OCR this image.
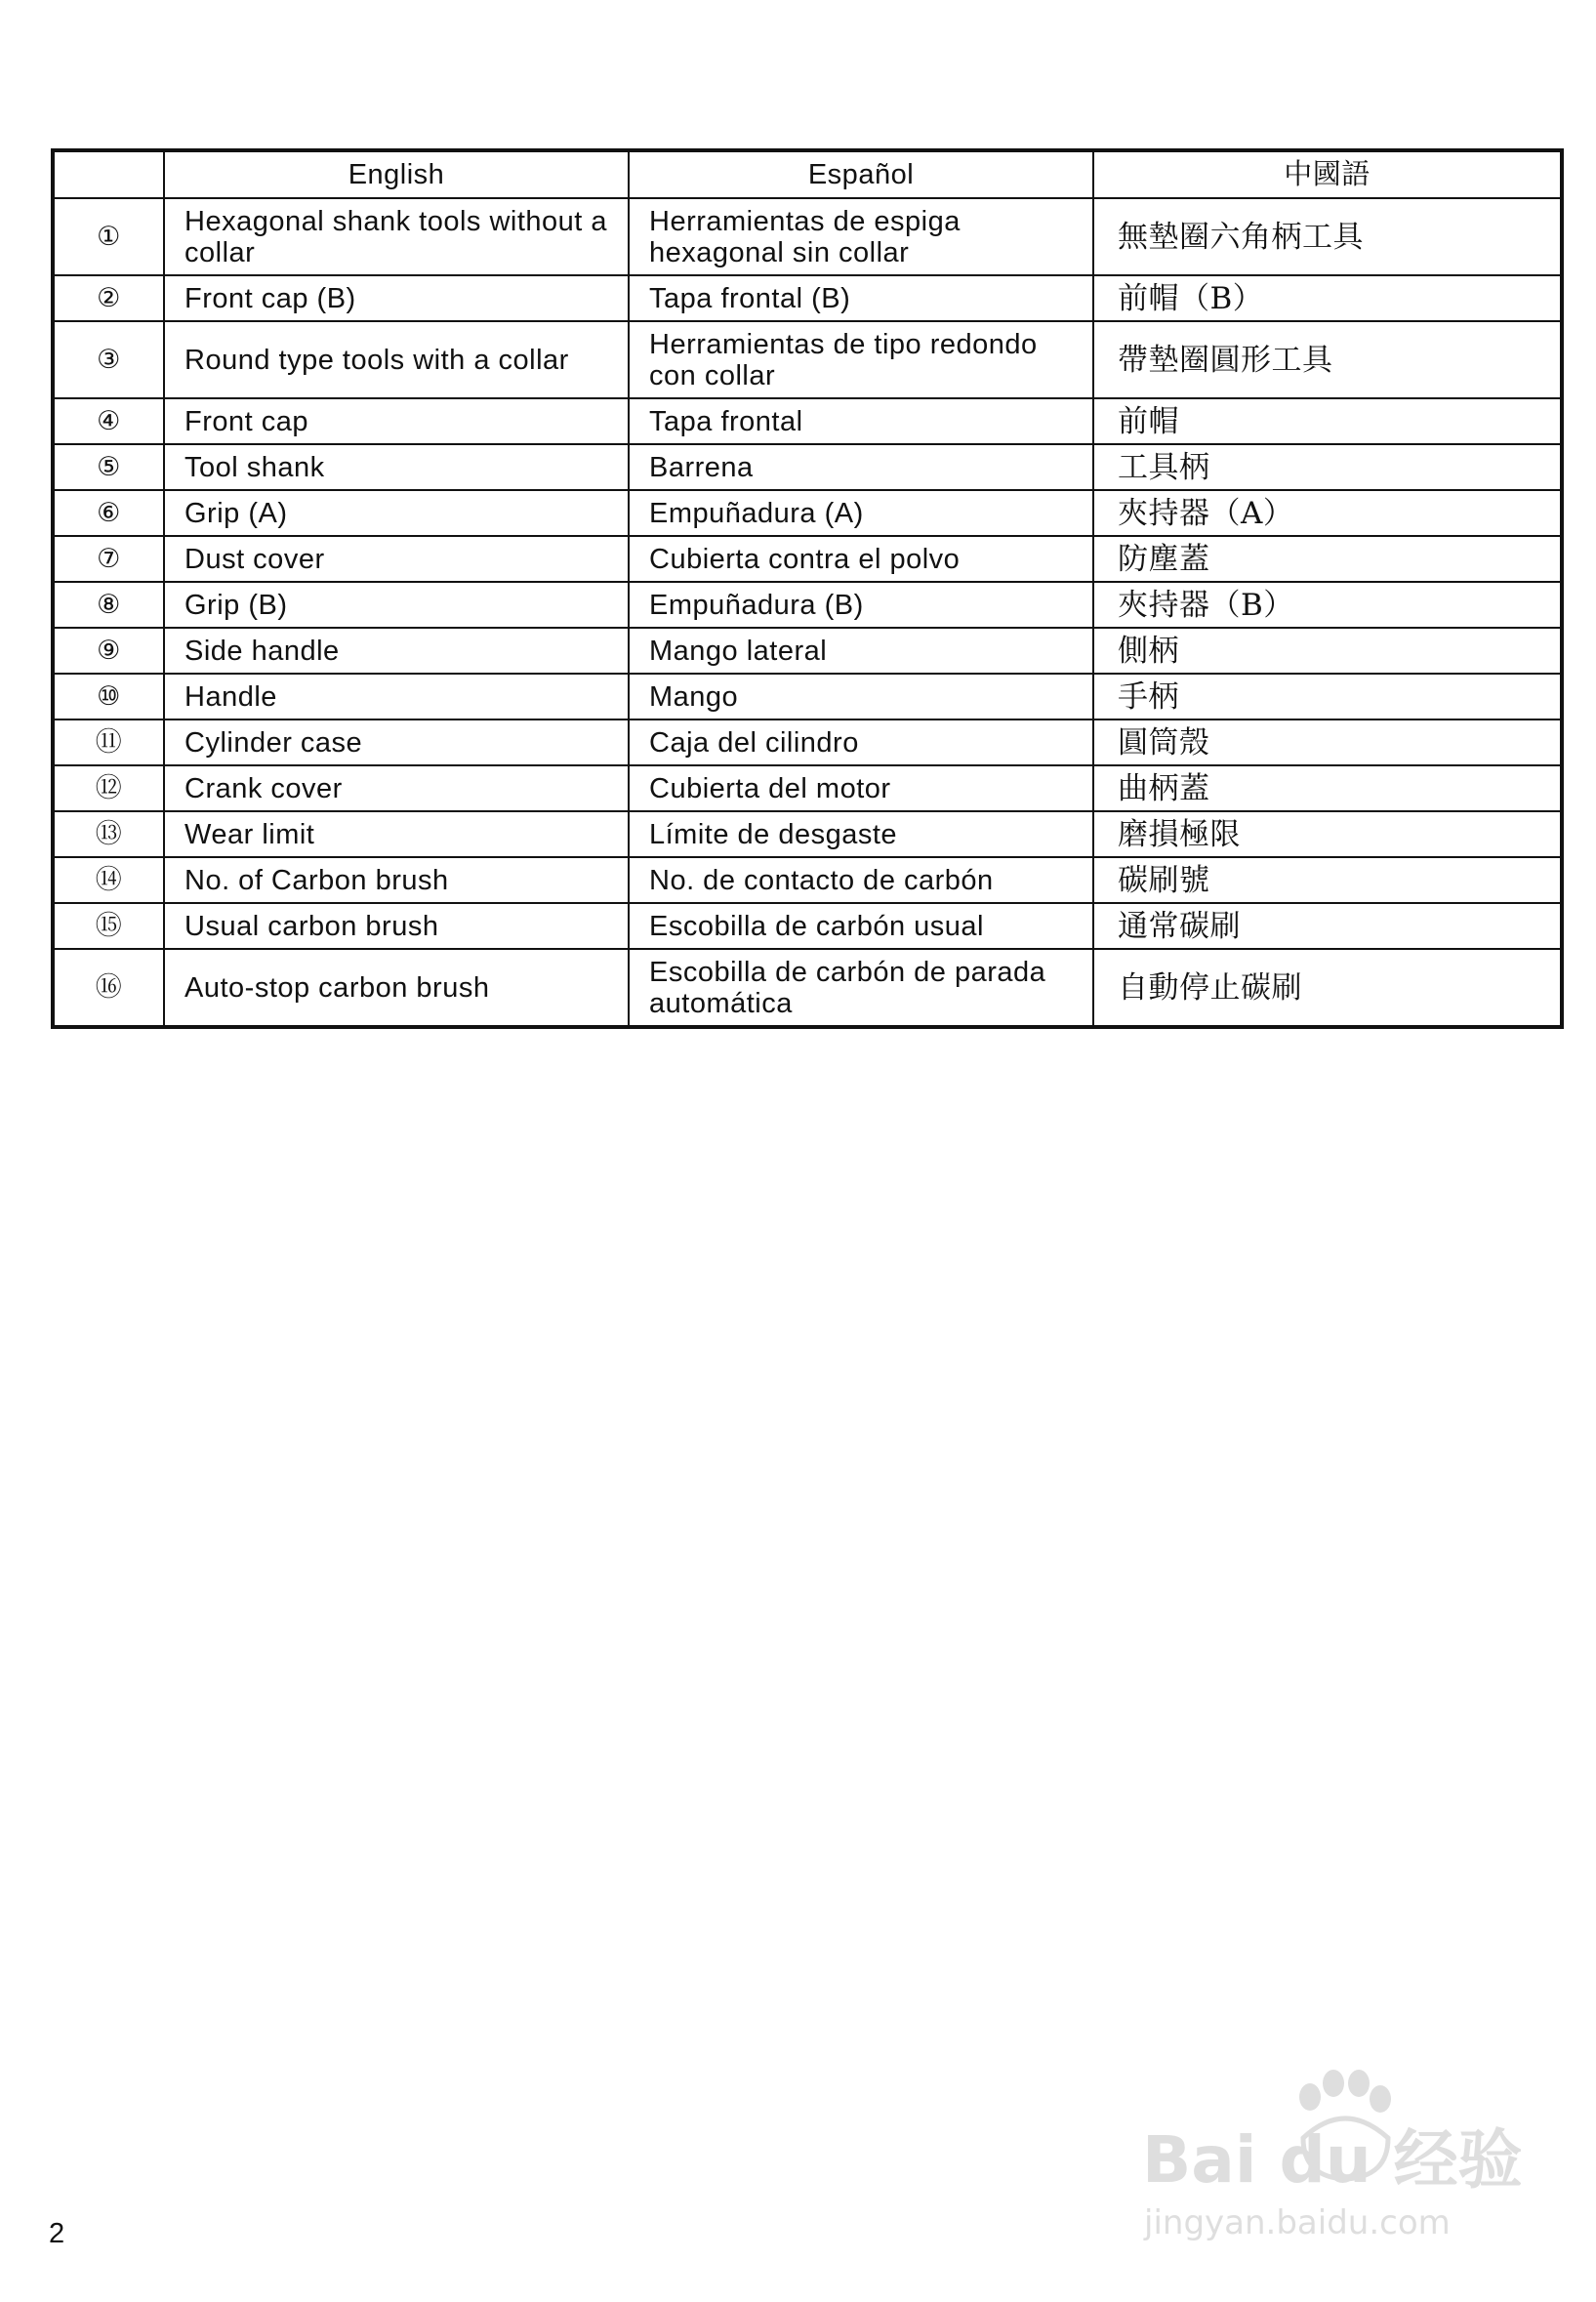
	English	Español	中國語
①	Hexagonal shank tools without a collar	Herramientas de espiga hexagonal sin collar	無墊圈六角柄工具
②	Front cap (B)	Tapa frontal (B)	前帽（B）
③	Round type tools with a collar	Herramientas de tipo redondo con collar	帶墊圈圓形工具
④	Front cap	Tapa frontal	前帽
⑤	Tool shank	Barrena	工具柄
⑥	Grip (A)	Empuñadura (A)	夾持器（A）
⑦	Dust cover	Cubierta contra el polvo	防塵蓋
⑧	Grip (B)	Empuñadura (B)	夾持器（B）
⑨	Side handle	Mango lateral	側柄
⑩	Handle	Mango	手柄
⑪	Cylinder case	Caja del cilindro	圓筒殼
⑫	Crank cover	Cubierta del motor	曲柄蓋
⑬	Wear limit	Límite de desgaste	磨損極限
⑭	No. of Carbon brush	No. de contacto de carbón	碳刷號
⑮	Usual carbon brush	Escobilla de carbón usual	通常碳刷
⑯	Auto-stop carbon brush	Escobilla de carbón de parada automática	自動停止碳刷
Bai du 经验
jingyan.baidu.com
2
